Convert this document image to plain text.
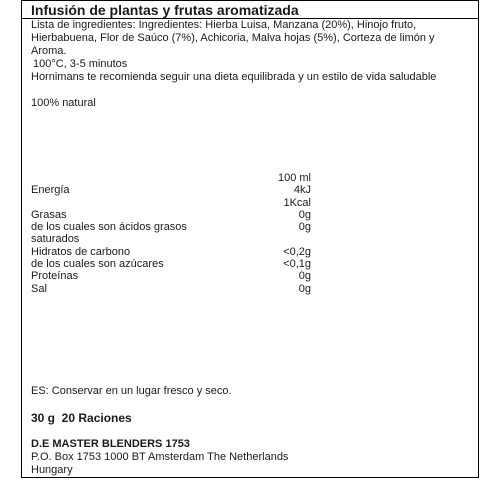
Infusión de plantas y frutas aromatizada
Lista de ingredientes: Ingredientes: Hierba Luisa, Manzana (20%), Hinojo fruto, Hierbabuena, Flor de Saúco (7%), Achicoria, Malva hojas (5%), Corteza de limón y Aroma.
100°C, 3-5 minutos
Hornimans te recomienda seguir una dieta equilibrada y un estilo de vida saludable
100% natural
	100 ml	
Energía	4kJ	
	1Kcal	
Grasas	0g	
de los cuales son ácidos grasos saturados	0g	
Hidratos de carbono	<0,2g	
de los cuales son azúcares	<0,1g	
Proteínas	0g	
Sal	0g	
ES: Conservar en un lugar fresco y seco.
30 g  20 Raciones
D.E MASTER BLENDERS 1753
P.O. Box 1753 1000 BT Amsterdam The Netherlands
Hungary
